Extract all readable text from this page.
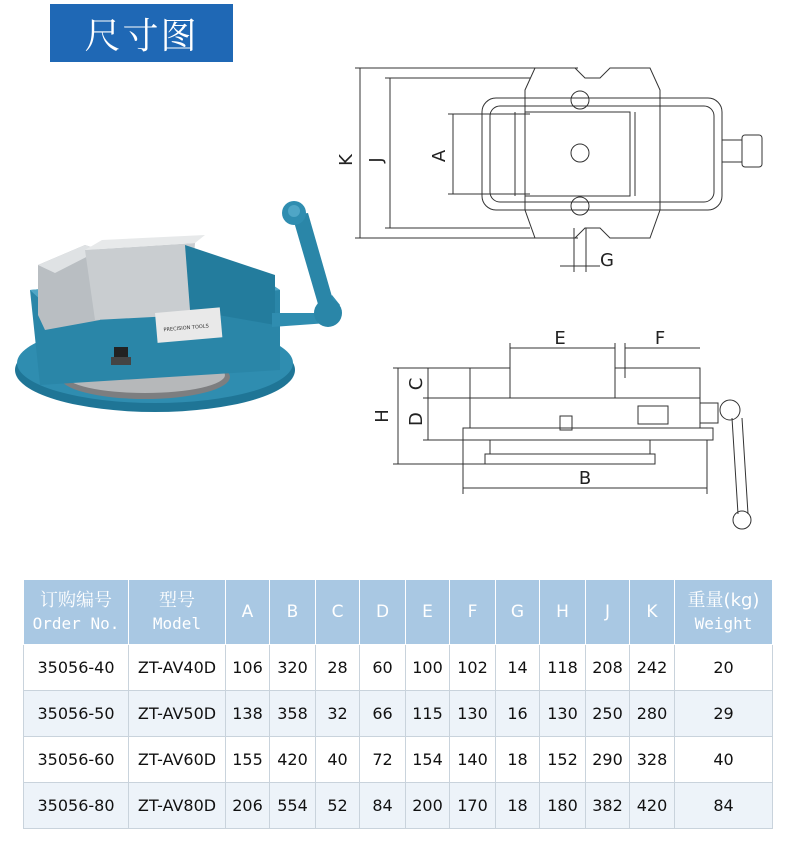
尺寸图
PRECISION TOOLS
K J A
G
E	F
H
C
D
B
订购编号
Order No.	型号
Model	A	B	C	D	E	F	G	H	J	K	重量(kg)
Weight

35056-40	ZT-AV40D	106	320	28	60	100	102	14	118	208	242	20
35056-50	ZT-AV50D	138	358	32	66	115	130	16	130	250	280	29
35056-60	ZT-AV60D	155	420	40	72	154	140	18	152	290	328	40
35056-80	ZT-AV80D	206	554	52	84	200	170	18	180	382	420	84
